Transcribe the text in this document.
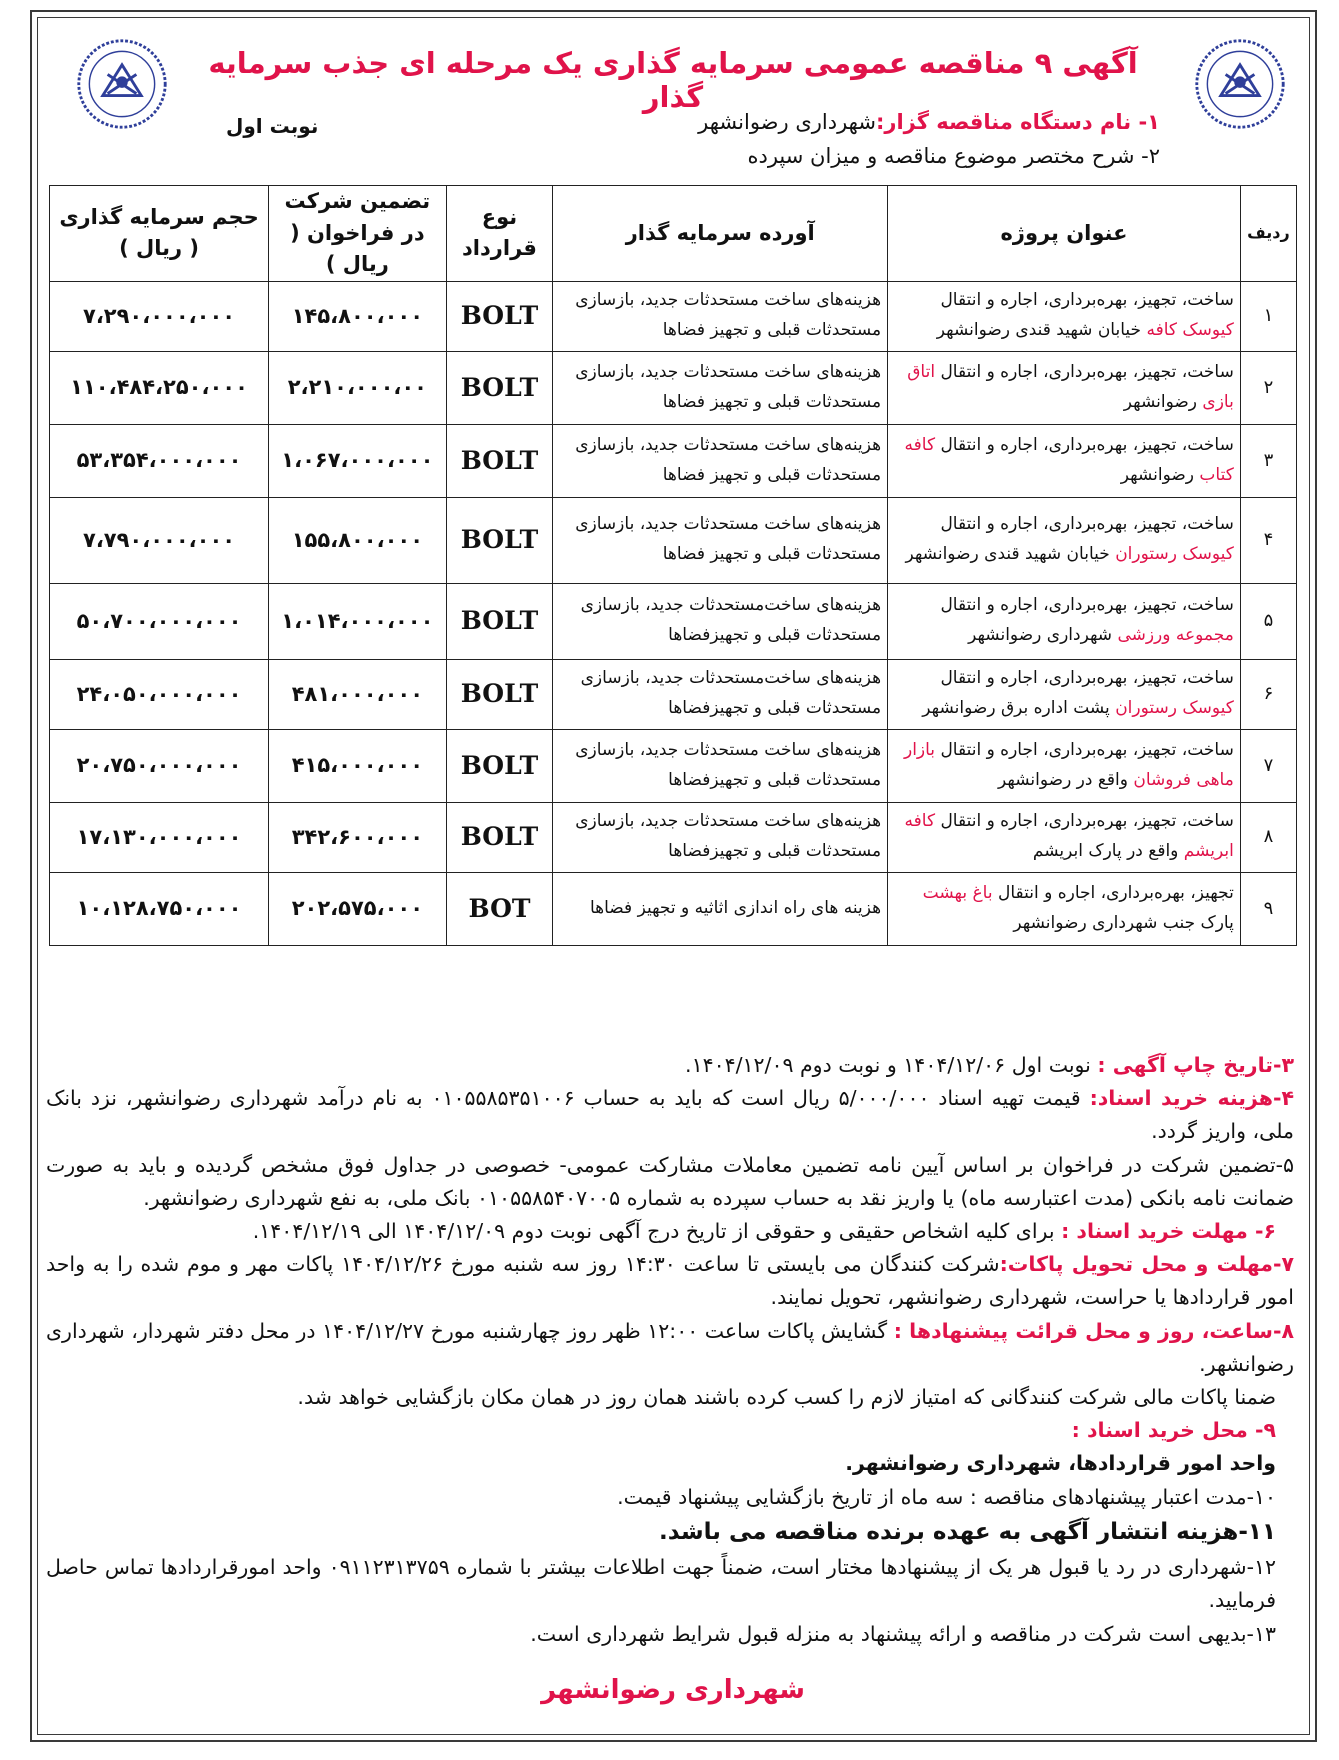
آگهی ۹ مناقصه عمومی سرمایه گذاری یک مرحله ای جذب سرمایه گذار
۱- نام دستگاه مناقصه گزار:شهرداری رضوانشهر
۲- شرح مختصر موضوع مناقصه و میزان سپرده
نوبت اول
ردیف	عنوان پروژه	آورده سرمایه گذار	نوع قرارداد	تضمین شرکت در فراخوان ( ریال )	حجم سرمایه گذاری ( ریال )
۱	ساخت، تجهیز، بهره‌برداری، اجاره و انتقال کیوسک کافه خیابان شهید قندی رضوانشهر	هزینه‌های ساخت مستحدثات جدید، بازسازی مستحدثات قبلی و تجهیز فضاها	BOLT	۱۴۵،۸۰۰،۰۰۰	۷،۲۹۰،۰۰۰،۰۰۰
۲	ساخت، تجهیز، بهره‌برداری، اجاره و انتقال اتاق بازی رضوانشهر	هزینه‌های ساخت مستحدثات جدید، بازسازی مستحدثات قبلی و تجهیز فضاها	BOLT	۲،۲۱۰،۰۰۰،۰۰	۱۱۰،۴۸۴،۲۵۰،۰۰۰
۳	ساخت، تجهیز، بهره‌برداری، اجاره و انتقال کافه کتاب رضوانشهر	هزینه‌های ساخت مستحدثات جدید، بازسازی مستحدثات قبلی و تجهیز فضاها	BOLT	۱،۰۶۷،۰۰۰،۰۰۰	۵۳،۳۵۴،۰۰۰،۰۰۰
۴	ساخت، تجهیز، بهره‌برداری، اجاره و انتقال کیوسک رستوران خیابان شهید قندی رضوانشهر	هزینه‌های ساخت مستحدثات جدید، بازسازی مستحدثات قبلی و تجهیز فضاها	BOLT	۱۵۵،۸۰۰،۰۰۰	۷،۷۹۰،۰۰۰،۰۰۰
۵	ساخت، تجهیز، بهره‌برداری، اجاره و انتقال مجموعه ورزشی شهرداری رضوانشهر	هزینه‌های ساخت‌مستحدثات جدید، بازسازی مستحدثات قبلی و تجهیزفضاها	BOLT	۱،۰۱۴،۰۰۰،۰۰۰	۵۰،۷۰۰،۰۰۰،۰۰۰
۶	ساخت، تجهیز، بهره‌برداری، اجاره و انتقال کیوسک رستوران پشت اداره برق رضوانشهر	هزینه‌های ساخت‌مستحدثات جدید، بازسازی مستحدثات قبلی و تجهیزفضاها	BOLT	۴۸۱،۰۰۰،۰۰۰	۲۴،۰۵۰،۰۰۰،۰۰۰
۷	ساخت، تجهیز، بهره‌برداری، اجاره و انتقال بازار ماهی فروشان واقع در رضوانشهر	هزینه‌های ساخت مستحدثات جدید، بازسازی مستحدثات قبلی و تجهیزفضاها	BOLT	۴۱۵،۰۰۰،۰۰۰	۲۰،۷۵۰،۰۰۰،۰۰۰
۸	ساخت، تجهیز، بهره‌برداری، اجاره و انتقال کافه ابریشم واقع در پارک ابریشم	هزینه‌های ساخت مستحدثات جدید، بازسازی مستحدثات قبلی و تجهیزفضاها	BOLT	۳۴۲،۶۰۰،۰۰۰	۱۷،۱۳۰،۰۰۰،۰۰۰
۹	تجهیز، بهره‌برداری، اجاره و انتقال باغ بهشت پارک جنب شهرداری رضوانشهر	هزینه های راه اندازی اثاثیه و تجهیز فضاها	BOT	۲۰۲،۵۷۵،۰۰۰	۱۰،۱۲۸،۷۵۰،۰۰۰

۳-تاریخ چاپ آگهی : نوبت اول ۱۴۰۴/۱۲/۰۶ و نوبت دوم ۱۴۰۴/۱۲/۰۹.

۴-هزینه خرید اسناد: قیمت تهیه اسناد ۵/۰۰۰/۰۰۰ ریال است که باید به حساب ۰۱۰۵۵۸۵۳۵۱۰۰۶ به نام درآمد شهرداری رضوانشهر، نزد بانک ملی، واریز گردد.

۵-تضمین شرکت در فراخوان بر اساس آیین نامه تضمین معاملات مشارکت عمومی- خصوصی در جداول فوق مشخص گردیده و باید به صورت ضمانت نامه بانکی (مدت اعتبارسه ماه) یا واریز نقد به حساب سپرده به شماره ۰۱۰۵۵۸۵۴۰۷۰۰۵ بانک ملی، به نفع شهرداری رضوانشهر.

۶- مهلت خرید اسناد : برای کلیه اشخاص حقیقی و حقوقی از تاریخ درج آگهی نوبت دوم ۱۴۰۴/۱۲/۰۹ الی ۱۴۰۴/۱۲/۱۹.

۷-مهلت و محل تحویل پاکات:شرکت کنندگان می بایستی تا ساعت ۱۴:۳۰ روز سه شنبه مورخ ۱۴۰۴/۱۲/۲۶ پاکات مهر و موم شده را به واحد امور قراردادها یا حراست، شهرداری رضوانشهر، تحویل نمایند.

۸-ساعت، روز و محل قرائت پیشنهادها : گشایش پاکات ساعت ۱۲:۰۰ ظهر روز چهارشنبه مورخ ۱۴۰۴/۱۲/۲۷ در محل دفتر شهردار، شهرداری رضوانشهر.

ضمنا پاکات مالی شرکت کنندگانی که امتیاز لازم را کسب کرده باشند همان روز در همان مکان بازگشایی خواهد شد.

۹- محل خرید اسناد :

واحد امور قراردادها، شهرداری رضوانشهر.

۱۰-مدت اعتبار پیشنهادهای مناقصه : سه ماه از تاریخ بازگشایی پیشنهاد قیمت.

۱۱-هزینه انتشار آگهی به عهده برنده مناقصه می باشد.

۱۲-شهرداری در رد یا قبول هر یک از پیشنهادها مختار است، ضمناً جهت اطلاعات بیشتر با شماره ۰۹۱۱۲۳۱۳۷۵۹ واحد امورقراردادها تماس حاصل فرمایید.

۱۳-بدیهی است شرکت در مناقصه و ارائه پیشنهاد به منزله قبول شرایط شهرداری است.

شهرداری رضوانشهر
